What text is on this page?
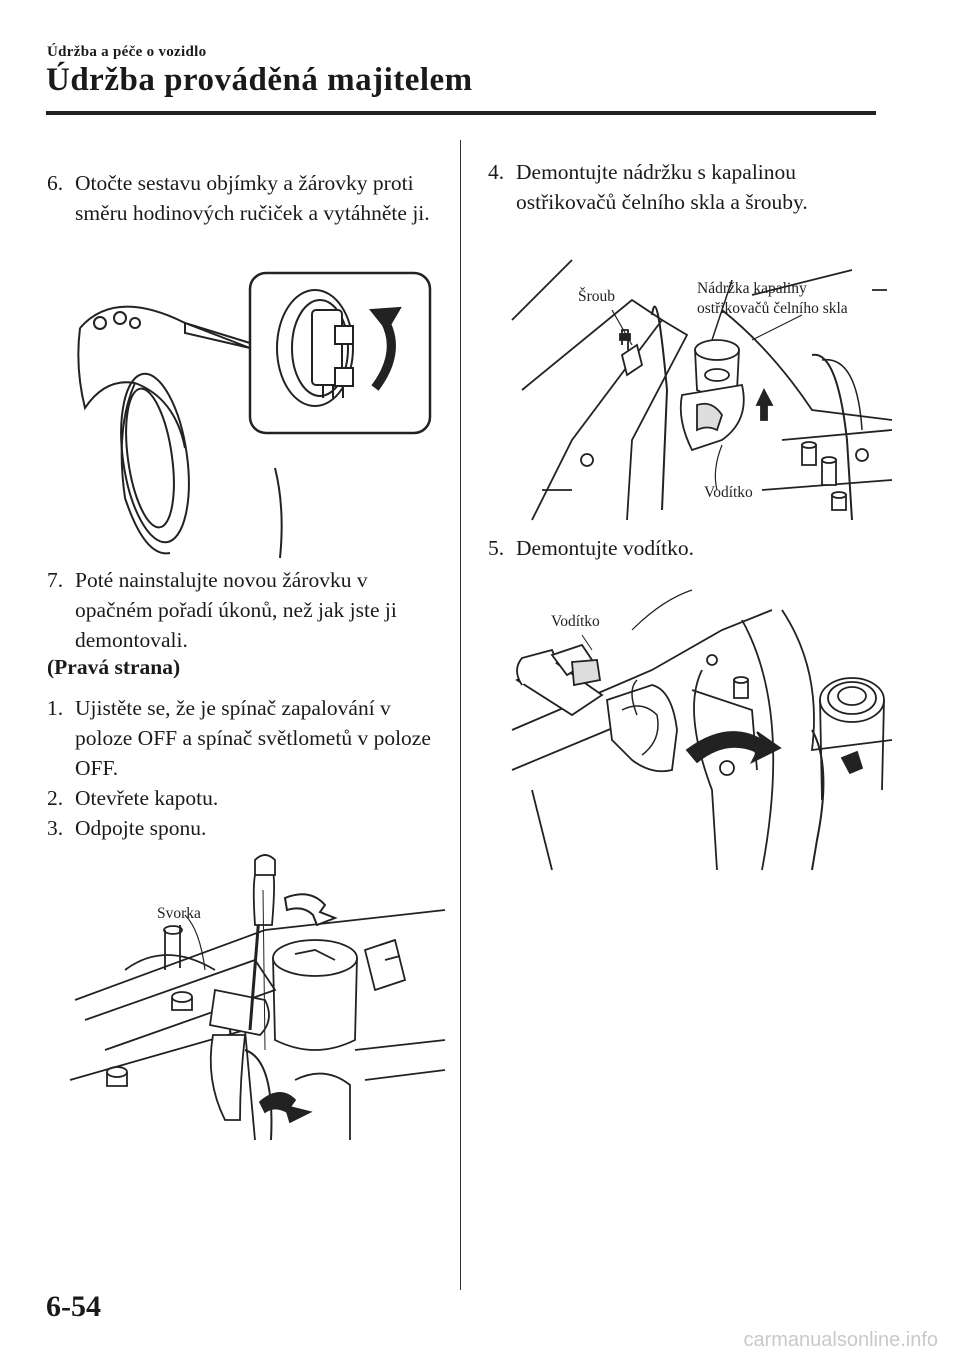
Údržba a péče o vozidlo
Údržba prováděná majitelem
6. Otočte sestavu objímky a žárovky proti směru hodinových ručiček a vytáhněte ji.
7. Poté nainstalujte novou žárovku v opačném pořadí úkonů, než jak jste ji demontovali.
(Pravá strana)
1. Ujistěte se, že je spínač zapalování v poloze OFF a spínač světlometů v poloze OFF.
2. Otevřete kapotu.
3. Odpojte sponu.
Svorka
4. Demontujte nádržku s kapalinou ostřikovačů čelního skla a šrouby.
Šroub	Nádržka kapaliny
ostřikovačů čelního skla
Vodítko
5. Demontujte vodítko.
Vodítko
6-54
carmanualsonline.info
